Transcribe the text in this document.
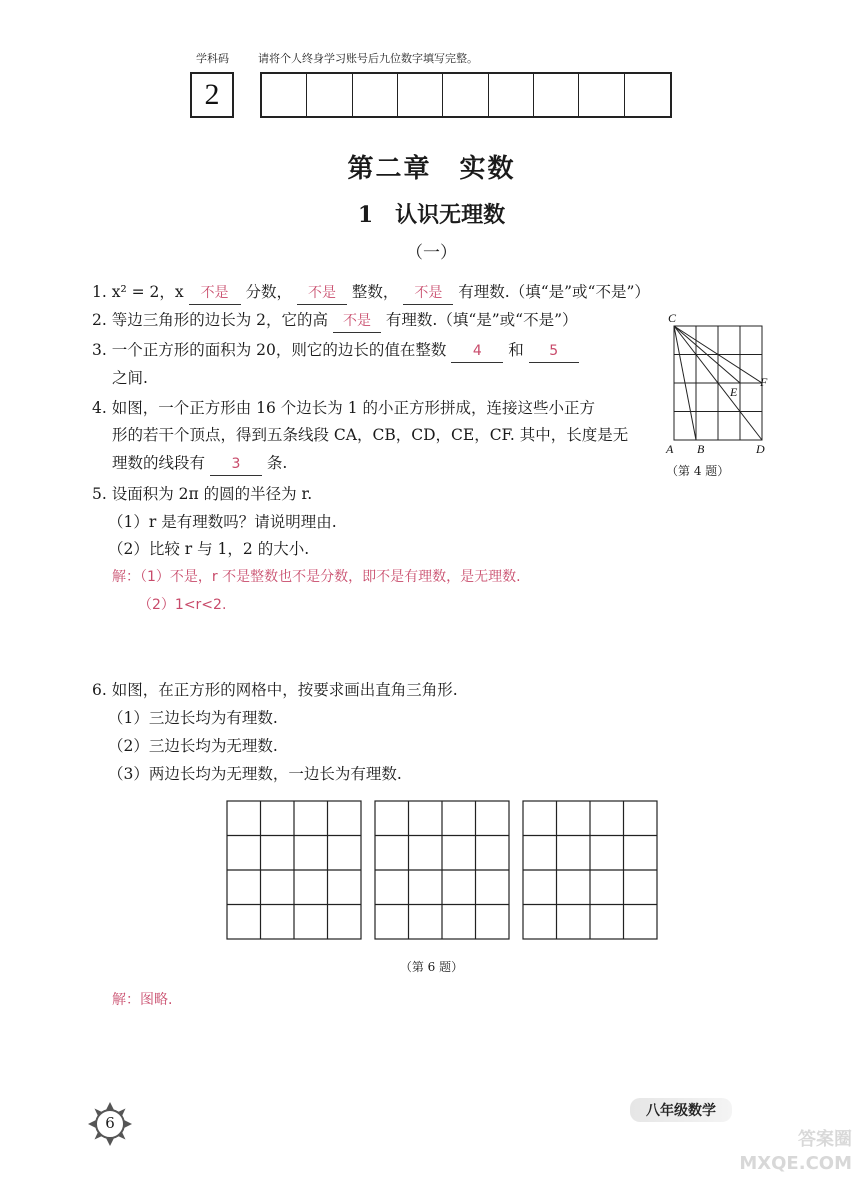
学科码	请将个人终身学习账号后九位数字填写完整。
2
第二章　实数
1　认识无理数
（一）
1. x² = 2，x 不是 分数， 不是 整数， 不是 有理数.（填“是”或“不是”）
2. 等边三角形的边长为 2，它的高 不是 有理数.（填“是”或“不是”）
3. 一个正方形的面积为 20，则它的边长的值在整数 4 和 5
之间.
4. 如图，一个正方形由 16 个边长为 1 的小正方形拼成，连接这些小正方
形的若干个顶点，得到五条线段 CA，CB，CD，CE，CF. 其中，长度是无
理数的线段有 3 条.
C
A B	D
E
F
（第 4 题）
5. 设面积为 2π 的圆的半径为 r.
（1）r 是有理数吗？请说明理由.
（2）比较 r 与 1，2 的大小.
解：（1）不是，r 不是整数也不是分数，即不是有理数，是无理数.
（2）1<r<2.
6. 如图，在正方形的网格中，按要求画出直角三角形.
（1）三边长均为有理数.
（2）三边长均为无理数.
（3）两边长均为无理数，一边长为有理数.
（第 6 题）
解：图略.
6
八年级数学
答案圈 MXQE.COM
